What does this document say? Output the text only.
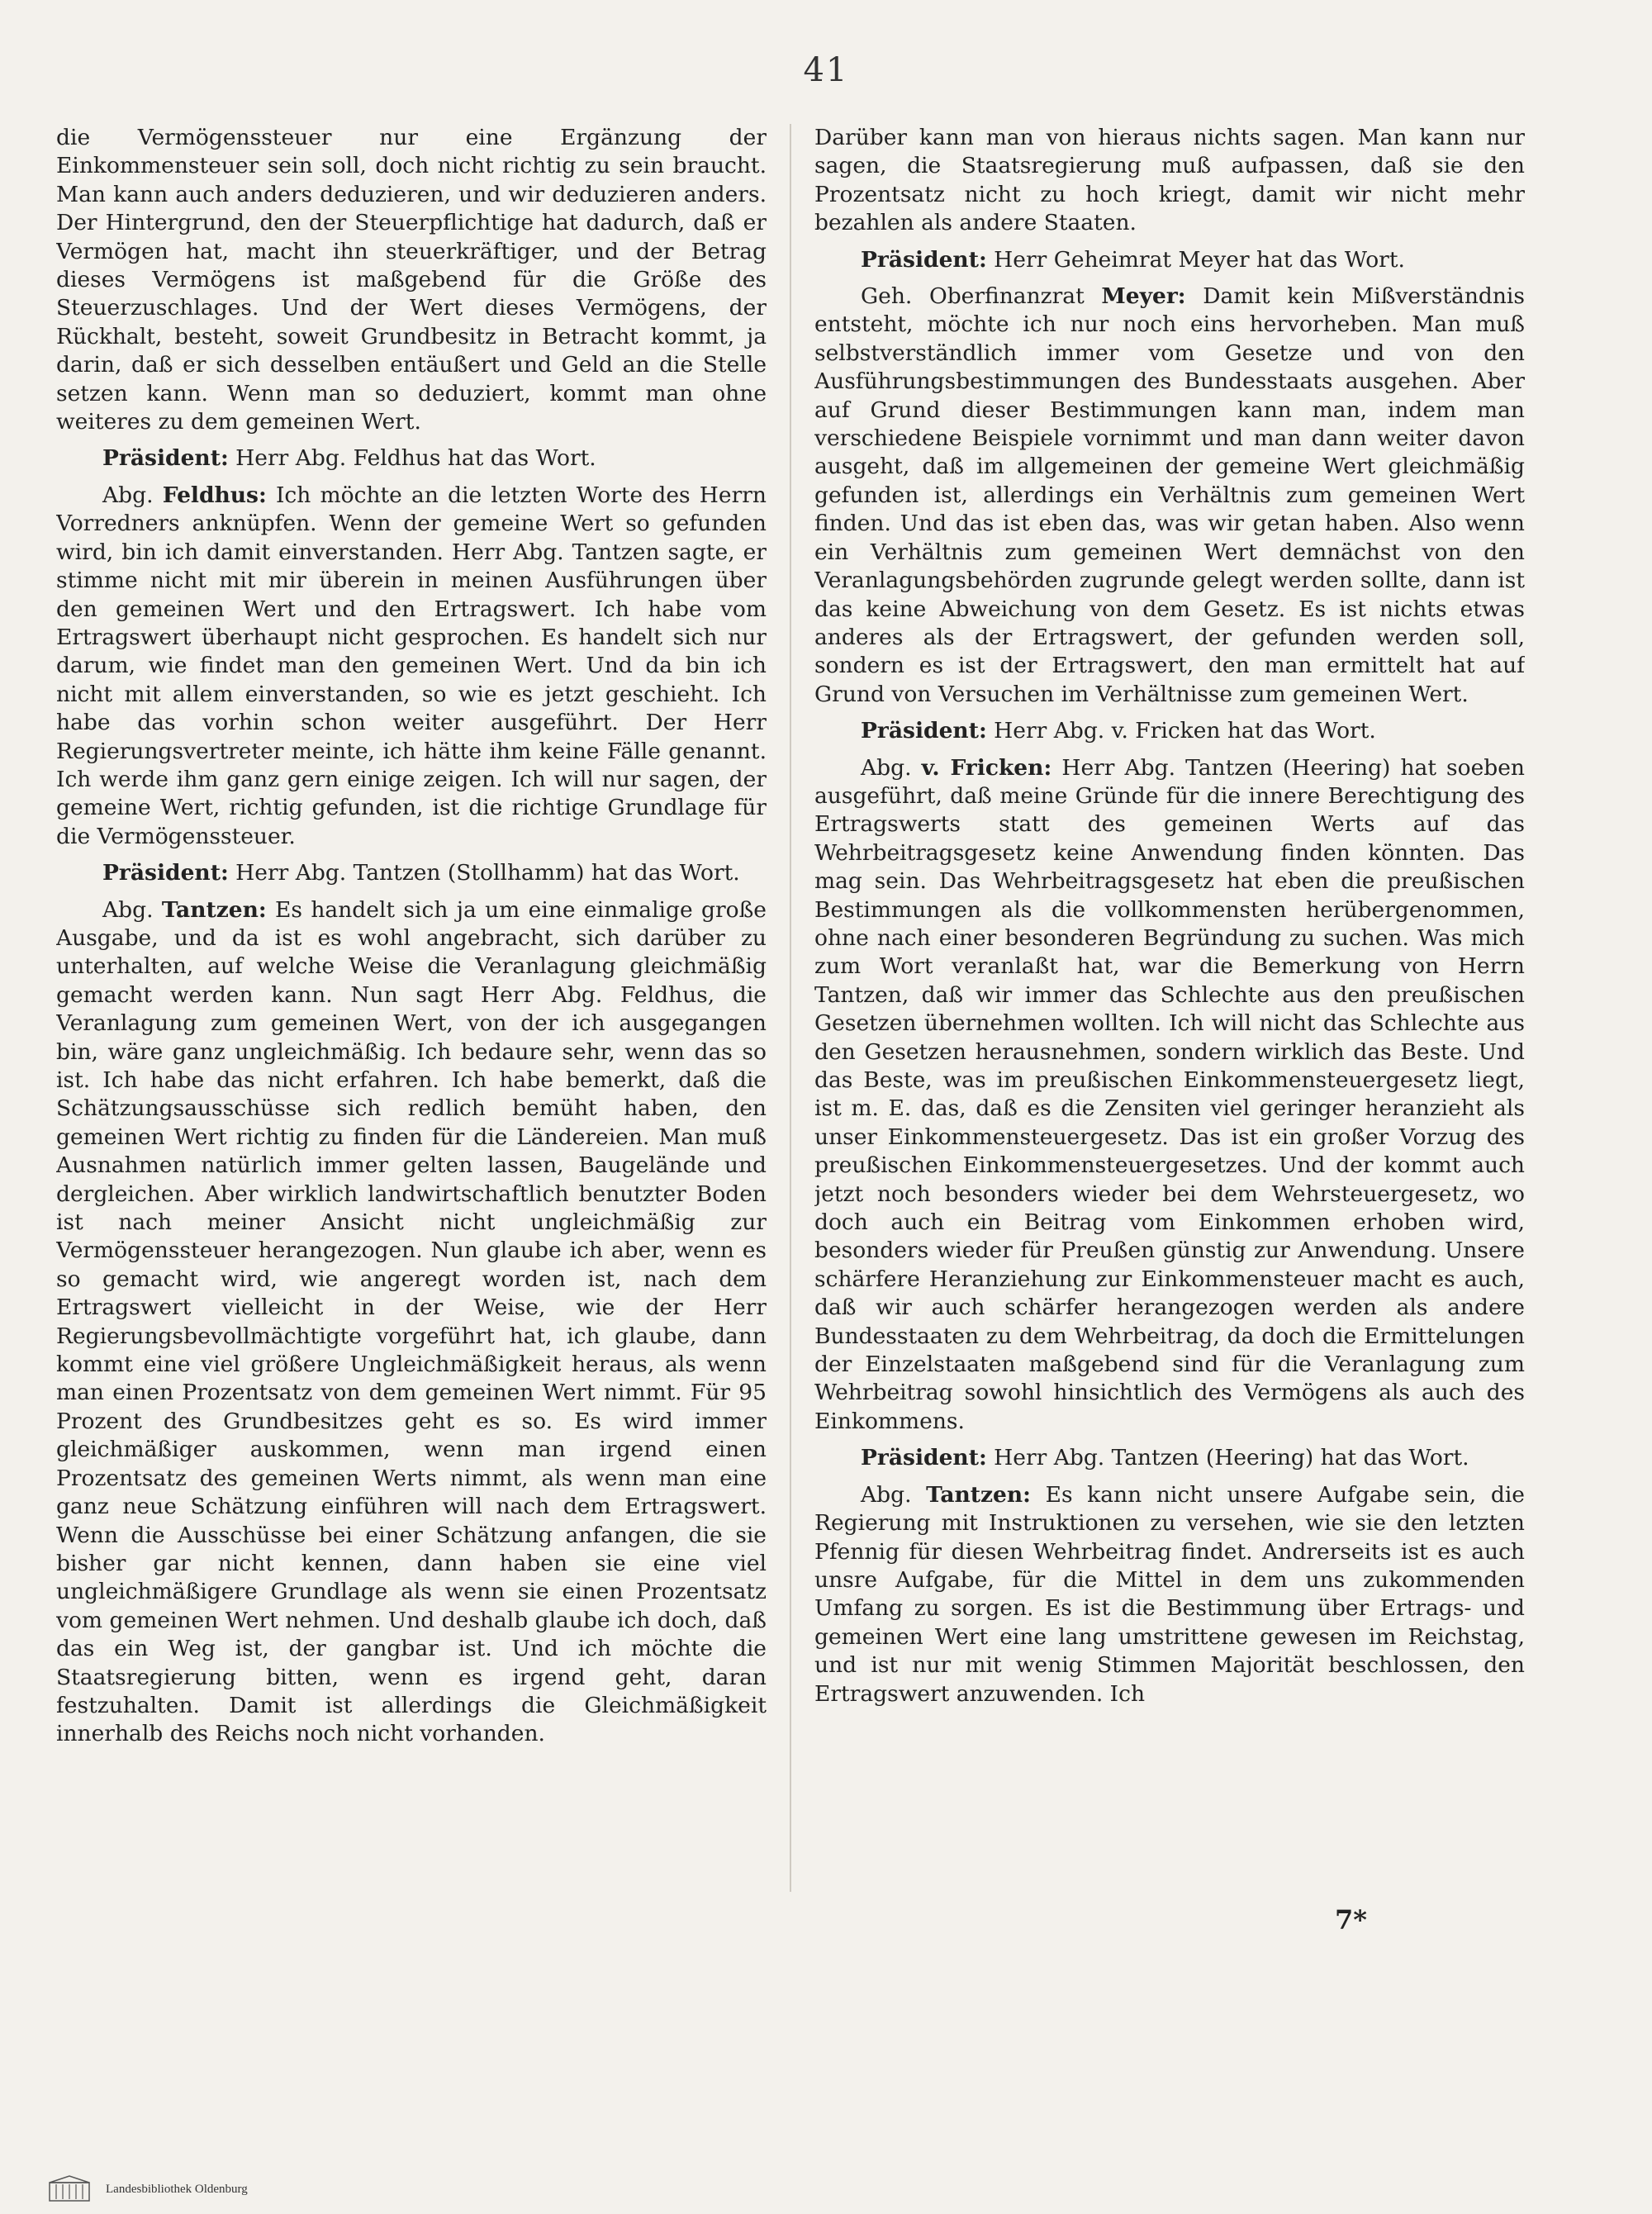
41

die Vermögenssteuer nur eine Ergänzung der Einkommensteuer sein soll, doch nicht richtig zu sein braucht. Man kann auch anders deduzieren, und wir deduzieren anders. Der Hintergrund, den der Steuerpflichtige hat dadurch, daß er Vermögen hat, macht ihn steuerkräftiger, und der Betrag dieses Vermögens ist maßgebend für die Größe des Steuerzuschlages. Und der Wert dieses Vermögens, der Rückhalt, besteht, soweit Grundbesitz in Betracht kommt, ja darin, daß er sich desselben entäußert und Geld an die Stelle setzen kann. Wenn man so deduziert, kommt man ohne weiteres zu dem gemeinen Wert.

Präsident: Herr Abg. Feldhus hat das Wort.

Abg. Feldhus: Ich möchte an die letzten Worte des Herrn Vorredners anknüpfen. Wenn der gemeine Wert so gefunden wird, bin ich damit einverstanden. Herr Abg. Tantzen sagte, er stimme nicht mit mir überein in meinen Ausführungen über den gemeinen Wert und den Ertragswert. Ich habe vom Ertragswert überhaupt nicht gesprochen. Es handelt sich nur darum, wie findet man den gemeinen Wert. Und da bin ich nicht mit allem einverstanden, so wie es jetzt geschieht. Ich habe das vorhin schon weiter ausgeführt. Der Herr Regierungsvertreter meinte, ich hätte ihm keine Fälle genannt. Ich werde ihm ganz gern einige zeigen. Ich will nur sagen, der gemeine Wert, richtig gefunden, ist die richtige Grundlage für die Vermögenssteuer.

Präsident: Herr Abg. Tantzen (Stollhamm) hat das Wort.

Abg. Tantzen: Es handelt sich ja um eine einmalige große Ausgabe, und da ist es wohl angebracht, sich darüber zu unterhalten, auf welche Weise die Veranlagung gleichmäßig gemacht werden kann. Nun sagt Herr Abg. Feldhus, die Veranlagung zum gemeinen Wert, von der ich ausgegangen bin, wäre ganz ungleichmäßig. Ich bedaure sehr, wenn das so ist. Ich habe das nicht erfahren. Ich habe bemerkt, daß die Schätzungsausschüsse sich redlich bemüht haben, den gemeinen Wert richtig zu finden für die Ländereien. Man muß Ausnahmen natürlich immer gelten lassen, Baugelände und dergleichen. Aber wirklich landwirtschaftlich benutzter Boden ist nach meiner Ansicht nicht ungleichmäßig zur Vermögenssteuer herangezogen. Nun glaube ich aber, wenn es so gemacht wird, wie angeregt worden ist, nach dem Ertragswert vielleicht in der Weise, wie der Herr Regierungsbevollmächtigte vorgeführt hat, ich glaube, dann kommt eine viel größere Ungleichmäßigkeit heraus, als wenn man einen Prozentsatz von dem gemeinen Wert nimmt. Für 95 Prozent des Grundbesitzes geht es so. Es wird immer gleichmäßiger auskommen, wenn man irgend einen Prozentsatz des gemeinen Werts nimmt, als wenn man eine ganz neue Schätzung einführen will nach dem Ertragswert. Wenn die Ausschüsse bei einer Schätzung anfangen, die sie bisher gar nicht kennen, dann haben sie eine viel ungleichmäßigere Grundlage als wenn sie einen Prozentsatz vom gemeinen Wert nehmen. Und deshalb glaube ich doch, daß das ein Weg ist, der gangbar ist. Und ich möchte die Staatsregierung bitten, wenn es irgend geht, daran festzuhalten. Damit ist allerdings die Gleichmäßigkeit innerhalb des Reichs noch nicht vorhanden.

Darüber kann man von hieraus nichts sagen. Man kann nur sagen, die Staatsregierung muß aufpassen, daß sie den Prozentsatz nicht zu hoch kriegt, damit wir nicht mehr bezahlen als andere Staaten.

Präsident: Herr Geheimrat Meyer hat das Wort.

Geh. Oberfinanzrat Meyer: Damit kein Mißverständnis entsteht, möchte ich nur noch eins hervorheben. Man muß selbstverständlich immer vom Gesetze und von den Ausführungsbestimmungen des Bundesstaats ausgehen. Aber auf Grund dieser Bestimmungen kann man, indem man verschiedene Beispiele vornimmt und man dann weiter davon ausgeht, daß im allgemeinen der gemeine Wert gleichmäßig gefunden ist, allerdings ein Verhältnis zum gemeinen Wert finden. Und das ist eben das, was wir getan haben. Also wenn ein Verhältnis zum gemeinen Wert demnächst von den Veranlagungsbehörden zugrunde gelegt werden sollte, dann ist das keine Abweichung von dem Gesetz. Es ist nichts etwas anderes als der Ertragswert, der gefunden werden soll, sondern es ist der Ertragswert, den man ermittelt hat auf Grund von Versuchen im Verhältnisse zum gemeinen Wert.

Präsident: Herr Abg. v. Fricken hat das Wort.

Abg. v. Fricken: Herr Abg. Tantzen (Heering) hat soeben ausgeführt, daß meine Gründe für die innere Berechtigung des Ertragswerts statt des gemeinen Werts auf das Wehrbeitragsgesetz keine Anwendung finden könnten. Das mag sein. Das Wehrbeitragsgesetz hat eben die preußischen Bestimmungen als die vollkommensten herübergenommen, ohne nach einer besonderen Begründung zu suchen. Was mich zum Wort veranlaßt hat, war die Bemerkung von Herrn Tantzen, daß wir immer das Schlechte aus den preußischen Gesetzen übernehmen wollten. Ich will nicht das Schlechte aus den Gesetzen herausnehmen, sondern wirklich das Beste. Und das Beste, was im preußischen Einkommensteuergesetz liegt, ist m. E. das, daß es die Zensiten viel geringer heranzieht als unser Einkommensteuergesetz. Das ist ein großer Vorzug des preußischen Einkommensteuergesetzes. Und der kommt auch jetzt noch besonders wieder bei dem Wehrsteuergesetz, wo doch auch ein Beitrag vom Einkommen erhoben wird, besonders wieder für Preußen günstig zur Anwendung. Unsere schärfere Heranziehung zur Einkommensteuer macht es auch, daß wir auch schärfer herangezogen werden als andere Bundesstaaten zu dem Wehrbeitrag, da doch die Ermittelungen der Einzelstaaten maßgebend sind für die Veranlagung zum Wehrbeitrag sowohl hinsichtlich des Vermögens als auch des Einkommens.

Präsident: Herr Abg. Tantzen (Heering) hat das Wort.

Abg. Tantzen: Es kann nicht unsere Aufgabe sein, die Regierung mit Instruktionen zu versehen, wie sie den letzten Pfennig für diesen Wehrbeitrag findet. Andrerseits ist es auch unsre Aufgabe, für die Mittel in dem uns zukommenden Umfang zu sorgen. Es ist die Bestimmung über Ertrags- und gemeinen Wert eine lang umstrittene gewesen im Reichstag, und ist nur mit wenig Stimmen Majorität beschlossen, den Ertragswert anzuwenden. Ich

7*
Landesbibliothek Oldenburg
